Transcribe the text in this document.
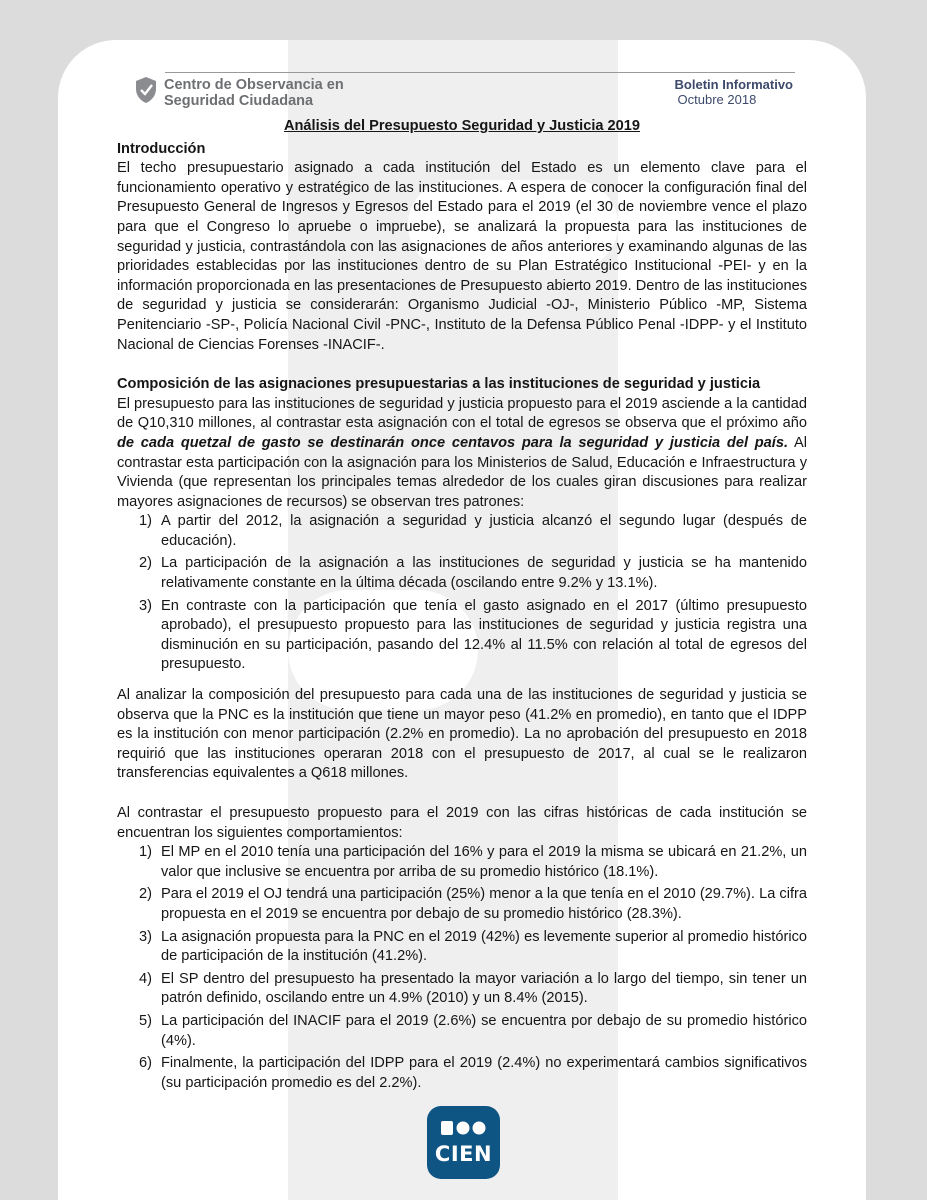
Centro de Observancia en
Seguridad Ciudadana
Boletin Informativo
Octubre 2018
Análisis del Presupuesto Seguridad y Justicia 2019
Introducción

El techo presupuestario asignado a cada institución del Estado es un elemento clave para el funcionamiento operativo y estratégico de las instituciones. A espera de conocer la configuración final del Presupuesto General de Ingresos y Egresos del Estado para el 2019 (el 30 de noviembre vence el plazo para que el Congreso lo apruebe o impruebe), se analizará la propuesta para las instituciones de seguridad y justicia, contrastándola con las asignaciones de años anteriores y examinando algunas de las prioridades establecidas por las instituciones dentro de su Plan Estratégico Institucional -PEI- y en la información proporcionada en las presentaciones de Presupuesto abierto 2019. Dentro de las instituciones de seguridad y justicia se considerarán: Organismo Judicial -OJ-, Ministerio Público -MP, Sistema Penitenciario -SP-, Policía Nacional Civil -PNC-, Instituto de la Defensa Público Penal -IDPP- y el Instituto Nacional de Ciencias Forenses -INACIF-.

Composición de las asignaciones presupuestarias a las instituciones de seguridad y justicia

El presupuesto para las instituciones de seguridad y justicia propuesto para el 2019 asciende a la cantidad de Q10,310 millones, al contrastar esta asignación con el total de egresos se observa que el próximo año de cada quetzal de gasto se destinarán once centavos para la seguridad y justicia del país. Al contrastar esta participación con la asignación para los Ministerios de Salud, Educación e Infraestructura y Vivienda (que representan los principales temas alrededor de los cuales giran discusiones para realizar mayores asignaciones de recursos) se observan tres patrones:

1) A partir del 2012, la asignación a seguridad y justicia alcanzó el segundo lugar (después de educación).
2) La participación de la asignación a las instituciones de seguridad y justicia se ha mantenido relativamente constante en la última década (oscilando entre 9.2% y 13.1%).
3) En contraste con la participación que tenía el gasto asignado en el 2017 (último presupuesto aprobado), el presupuesto propuesto para las instituciones de seguridad y justicia registra una disminución en su participación, pasando del 12.4% al 11.5% con relación al total de egresos del presupuesto.

Al analizar la composición del presupuesto para cada una de las instituciones de seguridad y justicia se observa que la PNC es la institución que tiene un mayor peso (41.2% en promedio), en tanto que el IDPP es la institución con menor participación (2.2% en promedio). La no aprobación del presupuesto en 2018 requirió que las instituciones operaran 2018 con el presupuesto de 2017, al cual se le realizaron transferencias equivalentes a Q618 millones.

Al contrastar el presupuesto propuesto para el 2019 con las cifras históricas de cada institución se encuentran los siguientes comportamientos:

1) El MP en el 2010 tenía una participación del 16% y para el 2019 la misma se ubicará en 21.2%, un valor que inclusive se encuentra por arriba de su promedio histórico (18.1%).
2) Para el 2019 el OJ tendrá una participación (25%) menor a la que tenía en el 2010 (29.7%). La cifra propuesta en el 2019 se encuentra por debajo de su promedio histórico (28.3%).
3) La asignación propuesta para la PNC en el 2019 (42%) es levemente superior al promedio histórico de participación de la institución (41.2%).
4) El SP dentro del presupuesto ha presentado la mayor variación a lo largo del tiempo, sin tener un patrón definido, oscilando entre un 4.9% (2010) y un 8.4% (2015).
5) La participación del INACIF para el 2019 (2.6%) se encuentra por debajo de su promedio histórico (4%).
6) Finalmente, la participación del IDPP para el 2019 (2.4%) no experimentará cambios significativos (su participación promedio es del 2.2%).
CIEN
